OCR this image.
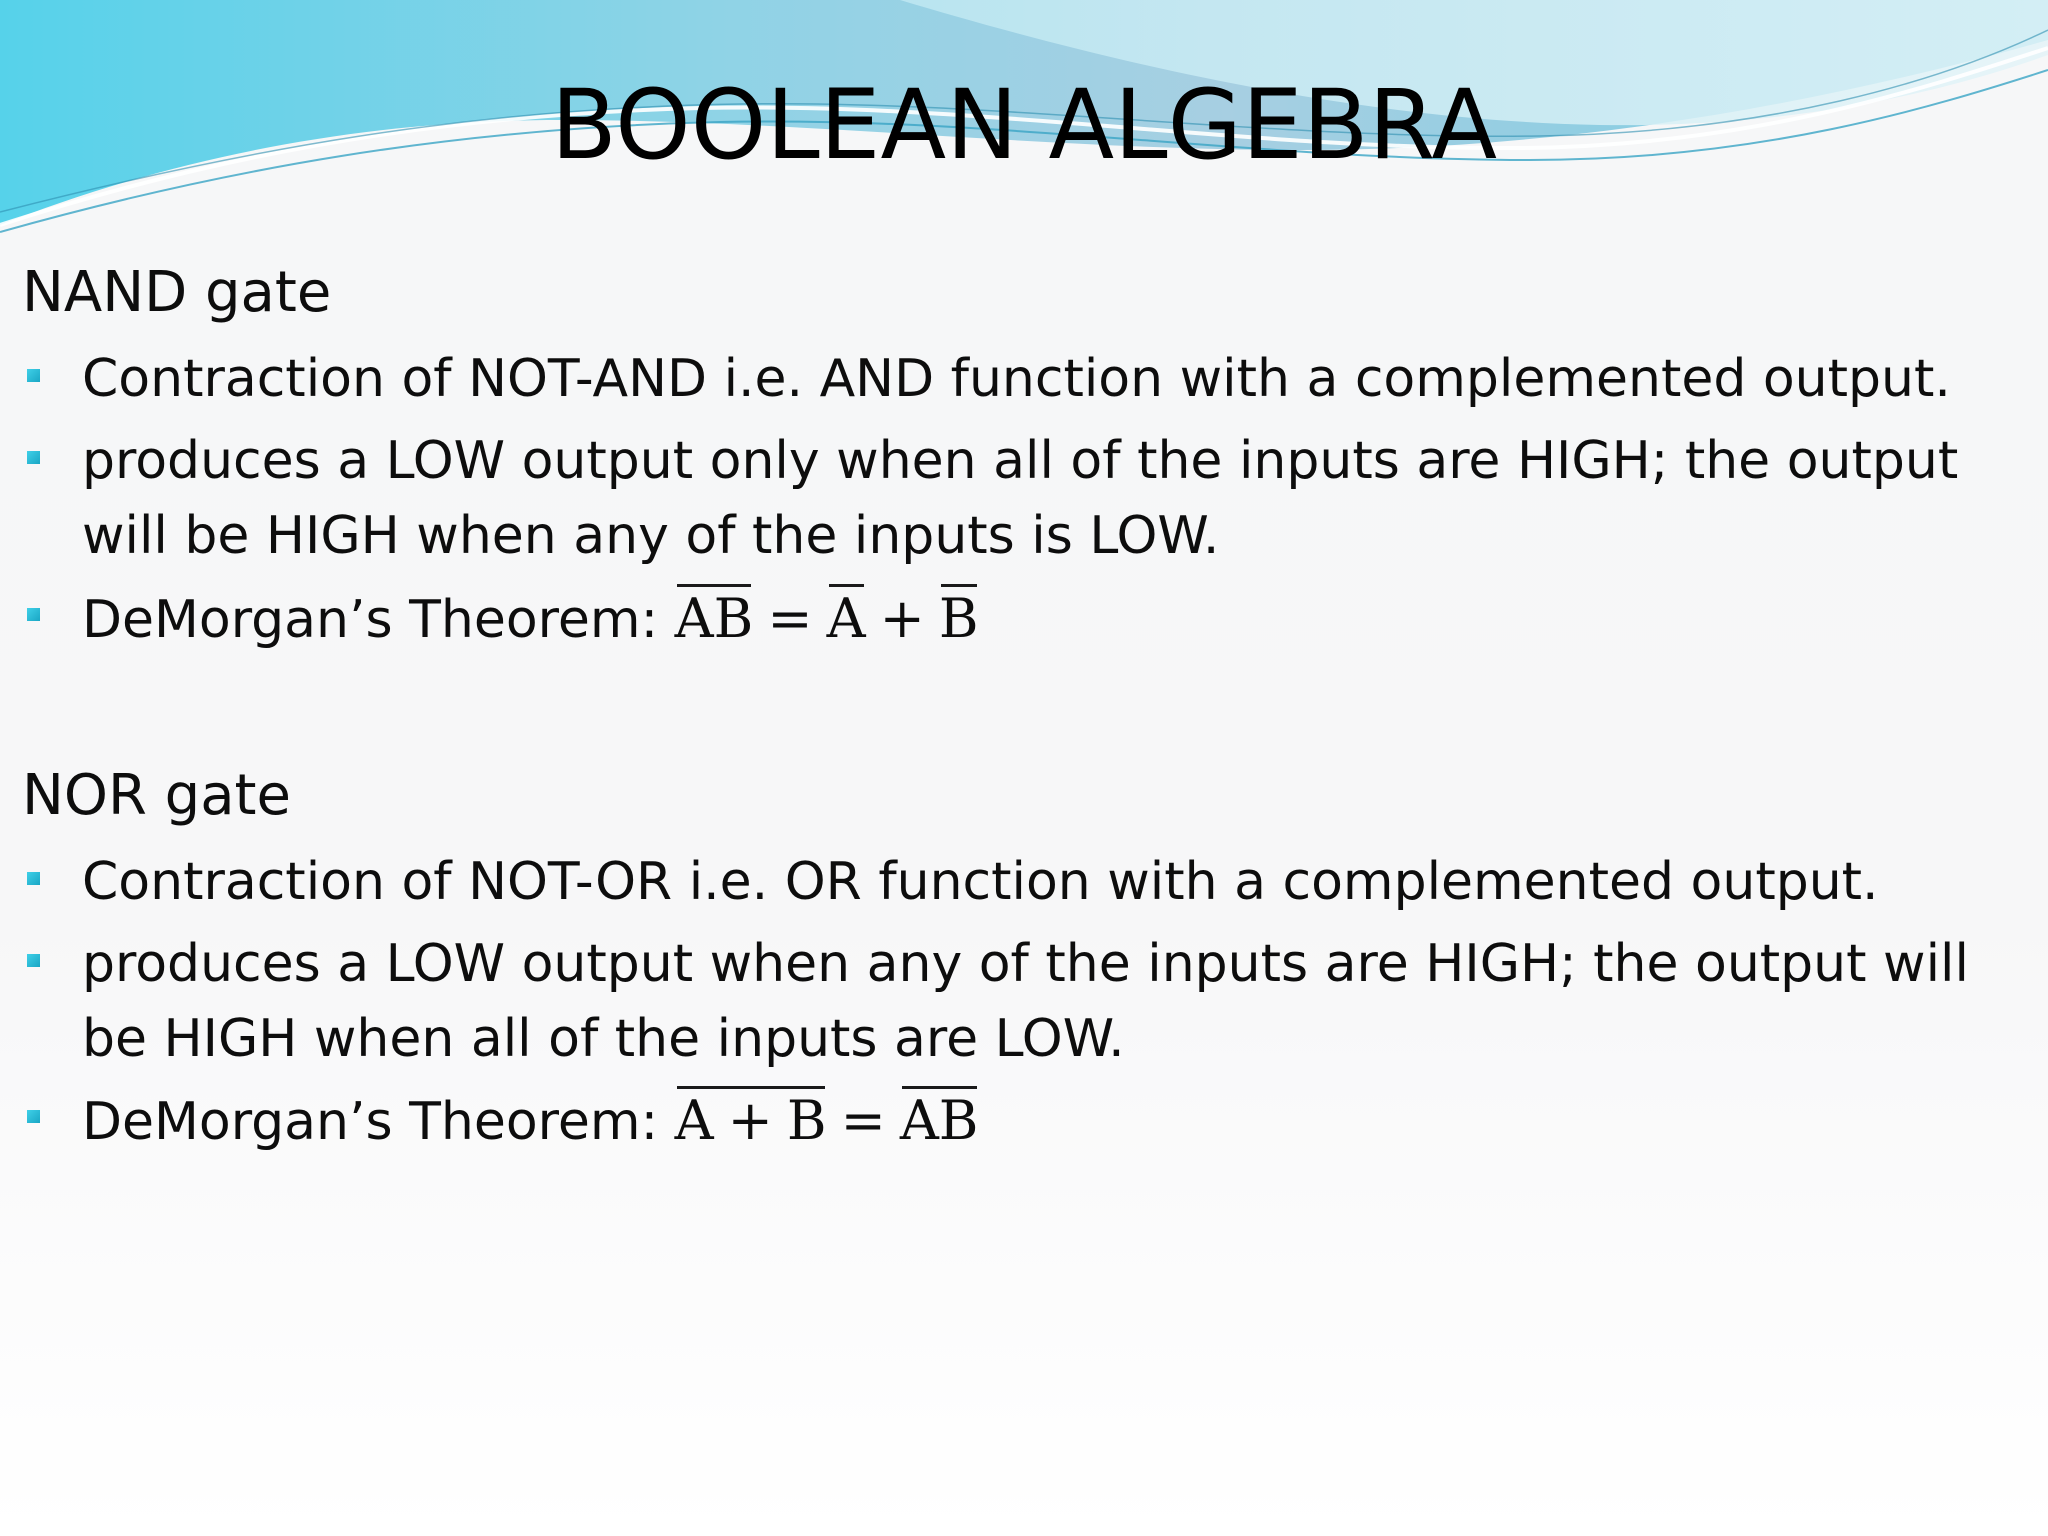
BOOLEAN ALGEBRA
NAND gate
Contraction of NOT-AND i.e. AND function with a complemented output.
produces a LOW output only when all of the inputs are HIGH; the output will be HIGH when any of the inputs is LOW.
DeMorgan’s Theorem: AB = A + B
NOR gate
Contraction of NOT-OR i.e. OR function with a complemented output.
produces a LOW output when any of the inputs are HIGH; the output will be HIGH when all of the inputs are LOW.
DeMorgan’s Theorem: A + B = AB
